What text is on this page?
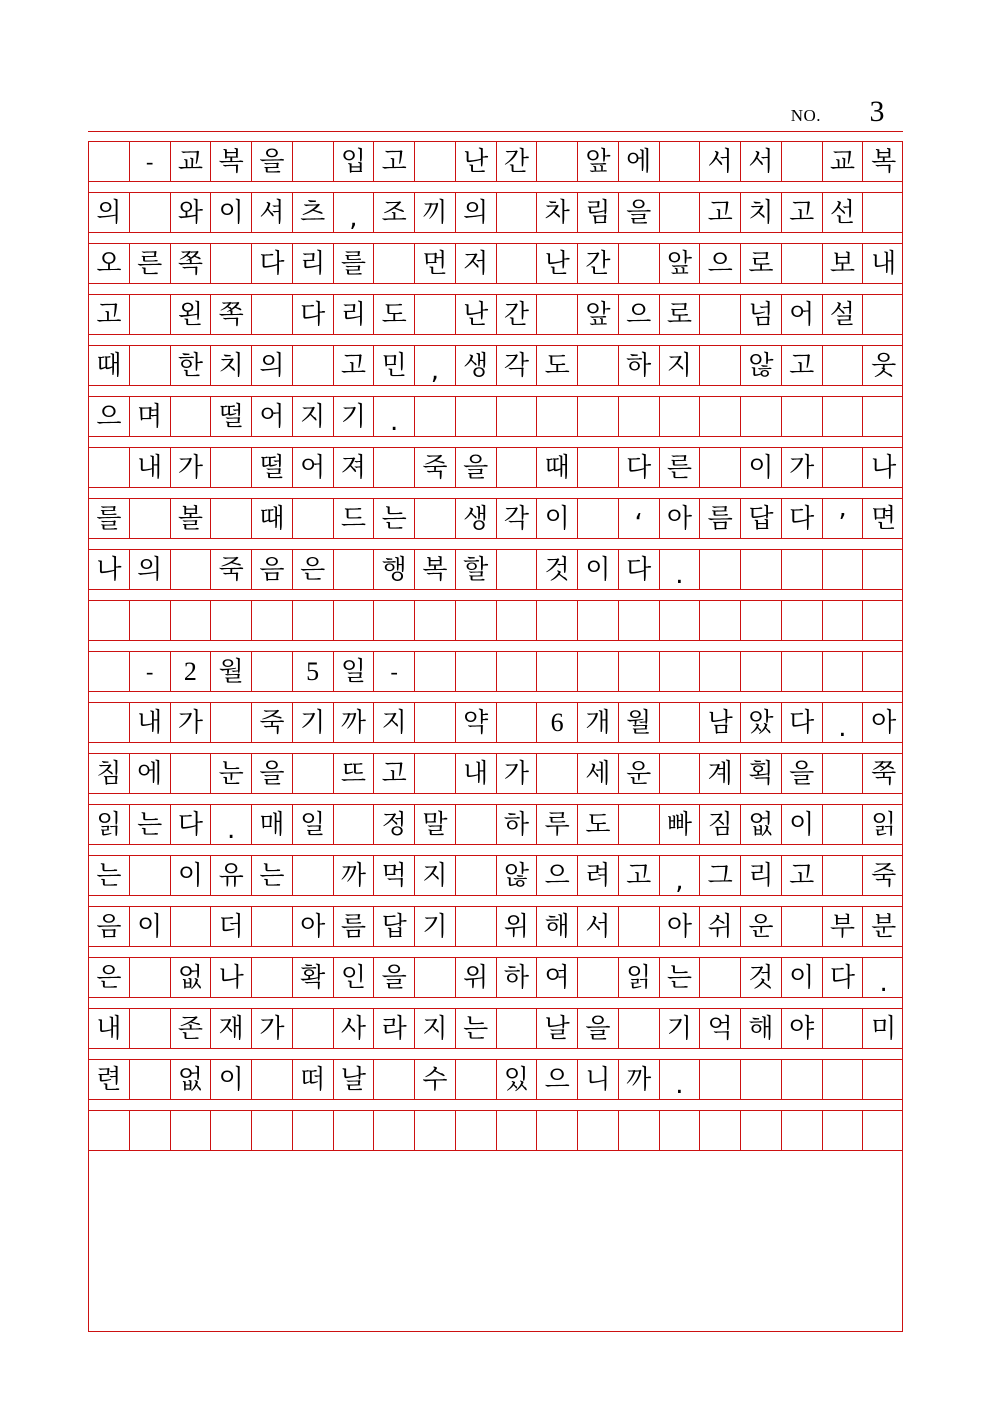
NO.	3
- 교 복 을	입 고	난 간	앞 에	서 서	교 복
의	와 이 셔 츠 , 조 끼 의	차 림 을	고 치 고 선
오 른 쪽	다 리 를	먼 저	난 간	앞 으 로	보 내
고	왼 쪽	다 리 도	난 간	앞 으 로	넘 어 설
때	한 치 의	고 민 , 생 각 도	하 지	않 고	웃
으 며	떨 어 지 기 .
내 가	떨 어 져	죽 을	때	다 른	이 가	나
를	볼	때	드 는	생 각 이	‘ 아 름 답 다 ’ 면
나 의	죽 음 은	행 복 할	것 이 다 .
-	2 월	5 일	-
내 가	죽 기 까 지	약	6 개 월	남 았 다 . 아
침 에	눈 을	뜨 고	내 가	세 운	계 획 을	쭉
읽 는 다 . 매 일	정 말	하 루 도	빠 짐 없 이	읽
는	이 유 는	까 먹 지	않 으 려 고 , 그 리 고	죽
음 이	더	아 름 답 기	위 해 서	아 쉬 운	부 분
은	없 나	확 인 을	위 하 여	읽 는	것 이 다 .
내	존 재 가	사 라 지 는	날 을	기 억 해 야	미
련	없 이	떠 날	수	있 으 니 까 .
